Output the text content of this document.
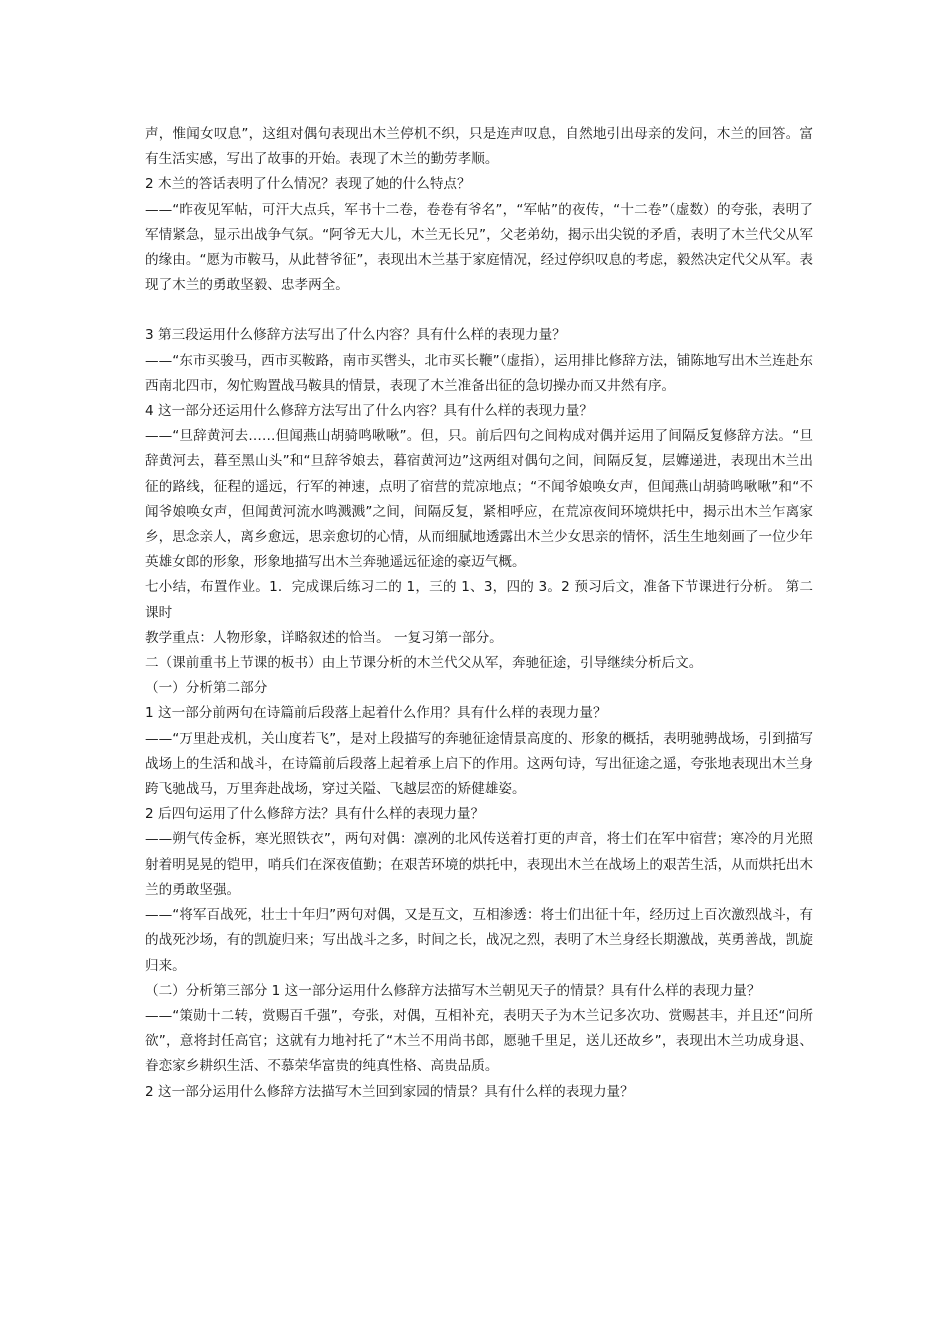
声，惟闻女叹息”，这组对偶句表现出木兰停机不织，只是连声叹息，自然地引出母亲的发问，木兰的回答。富有生活实感，写出了故事的开始。表现了木兰的勤劳孝顺。

2 木兰的答话表明了什么情况？表现了她的什么特点？

——“昨夜见军帖，可汗大点兵，军书十二卷，卷卷有爷名”，“军帖”的夜传，“十二卷”（虚数）的夸张，表明了军情紧急，显示出战争气氛。“阿爷无大儿，木兰无长兄”，父老弟幼，揭示出尖锐的矛盾，表明了木兰代父从军的缘由。“愿为市鞍马，从此替爷征”，表现出木兰基于家庭情况，经过停织叹息的考虑，毅然决定代父从军。表现了木兰的勇敢坚毅、忠孝两全。

3 第三段运用什么修辞方法写出了什么内容？具有什么样的表现力量？

——“东市买骏马，西市买鞍路，南市买辔头，北市买长鞭”（虚指），运用排比修辞方法，铺陈地写出木兰连赴东西南北四市，匆忙购置战马鞍具的情景，表现了木兰准备出征的急切操办而又井然有序。

4 这一部分还运用什么修辞方法写出了什么内容？具有什么样的表现力量？

——“旦辞黄河去……但闻燕山胡骑鸣啾啾”。但，只。前后四句之间构成对偶并运用了间隔反复修辞方法。“旦辞黄河去，暮至黑山头”和“旦辞爷娘去，暮宿黄河边”这两组对偶句之间，间隔反复，层孊递进，表现出木兰出征的路线，征程的遥远，行军的神速，点明了宿营的荒凉地点；“不闻爷娘唤女声，但闻燕山胡骑鸣啾啾”和“不闻爷娘唤女声，但闻黄河流水鸣溅溅”之间，间隔反复，紧相呼应，在荒凉夜间环境烘托中，揭示出木兰乍离家乡，思念亲人，离乡愈远，思亲愈切的心情，从而细腻地透露出木兰少女思亲的情怀，活生生地刻画了一位少年英雄女郎的形象，形象地描写出木兰奔驰遥远征途的豪迈气概。

七小结，布置作业。1．完成课后练习二的 1，三的 1、3，四的 3。2 预习后文，准备下节课进行分析。 第二课时

教学重点：人物形象，详略叙述的恰当。 一复习第一部分。

二（课前重书上节课的板书）由上节课分析的木兰代父从军，奔驰征途，引导继续分析后文。

（一）分析第二部分

1 这一部分前两句在诗篇前后段落上起着什么作用？具有什么样的表现力量？

——“万里赴戎机，关山度若飞”，是对上段描写的奔驰征途情景高度的、形象的概括，表明驰骋战场，引到描写战场上的生活和战斗，在诗篇前后段落上起着承上启下的作用。这两句诗，写出征途之遥，夸张地表现出木兰身跨飞驰战马，万里奔赴战场，穿过关隘、飞越层峦的矫健雄姿。

2 后四句运用了什么修辞方法？具有什么样的表现力量？

——朔气传金柝，寒光照铁衣”，两句对偶：凛冽的北风传送着打更的声音，将士们在军中宿营；寒冷的月光照射着明晃晃的铠甲，哨兵们在深夜值勤；在艰苦环境的烘托中，表现出木兰在战场上的艰苦生活，从而烘托出木兰的勇敢坚强。

——“将军百战死，壮士十年归”两句对偶，又是互文，互相渗透：将士们出征十年，经历过上百次激烈战斗，有的战死沙场，有的凯旋归来；写出战斗之多，时间之长，战况之烈，表明了木兰身经长期激战，英勇善战，凯旋归来。

（二）分析第三部分 1 这一部分运用什么修辞方法描写木兰朝见天子的情景？具有什么样的表现力量？

——“策勋十二转，赏赐百千强”，夸张，对偶，互相补充，表明天子为木兰记多次功、赏赐甚丰，并且还“问所欲”，意将封任高官；这就有力地衬托了“木兰不用尚书郎，愿驰千里足，送儿还故乡”，表现出木兰功成身退、眷恋家乡耕织生活、不慕荣华富贵的纯真性格、高贵品质。

2 这一部分运用什么修辞方法描写木兰回到家园的情景？具有什么样的表现力量？
